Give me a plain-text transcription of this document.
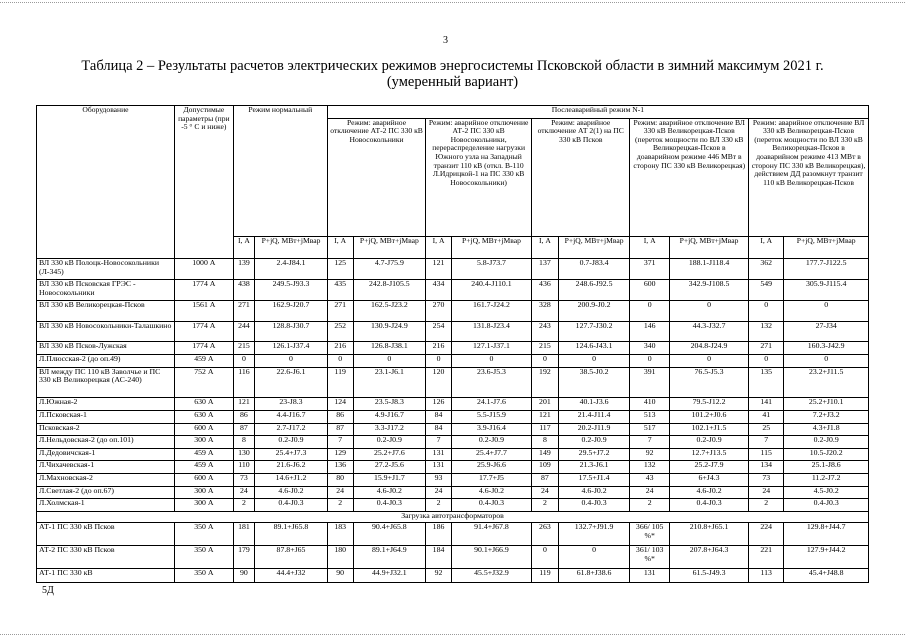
3
Таблица 2 – Результаты расчетов электрических режимов энергосистемы Псковской области в зимний максимум 2021 г.
(умеренный вариант)
Оборудование	Допустимые параметры (при -5 ° С и ниже)	Режим нормальный		Послеаварийный режим N-1									
				Режим: аварийное отключение АТ-2 ПС 330 кВ Новосокольники		Режим: аварийное отключение АТ-2 ПС 330 кВ Новосокольники, перераспределение нагрузки Южного узла на Западный транзит 110 кВ (откл. В-110 Л.Идрицкой-1 на ПС 330 кВ Новосокольники)		Режим: аварийное отключение АТ 2(1) на ПС 330 кВ Псков		Режим: аварийное отключение ВЛ 330 кВ Великорецкая-Псков (переток мощности по ВЛ 330 кВ Великорецкая-Псков в доаварийном режиме 446 МВт в сторону ПС 330 кВ Великорецкая)		Режим: аварийное отключение ВЛ 330 кВ Великорецкая-Псков (переток мощности по ВЛ 330 кВ Великорецкая-Псков в доаварийном режиме 413 МВт в сторону ПС 330 кВ Великорецкая), действием ДД разомкнут транзит 110 кВ Великорецкая-Псков	
		I, А	P+jQ, МВт+jМвар	I, А	P+jQ, МВт+jМвар	I, А	P+jQ, МВт+jМвар	I, А	P+jQ, МВт+jМвар	I, А	P+jQ, МВт+jМвар	I, А	P+jQ, МВт+jМвар
ВЛ 330 кВ Полоцк-Новосокольники (Л-345)	1000 А	139	2.4-J84.1	125	4.7-J75.9	121	5.8-J73.7	137	0.7-J83.4	371	188.1-J118.4	362	177.7-J122.5
ВЛ 330 кВ Псковская ГРЭС - Новосокольники	1774 А	438	249.5-J93.3	435	242.8-J105.5	434	240.4-J110.1	436	248.6-J92.5	600	342.9-J108.5	549	305.9-J115.4
ВЛ 330 кВ Великорецкая-Псков	1561 А	271	162.9-J20.7	271	162.5-J23.2	270	161.7-J24.2	328	200.9-J0.2	0	0	0	0
ВЛ 330 кВ Новосокольники-Талашкино	1774 А	244	128.8-J30.7	252	130.9-J24.9	254	131.8-J23.4	243	127.7-J30.2	146	44.3-J32.7	132	27-J34
ВЛ 330 кВ Псков-Лужская	1774 А	215	126.1-J37.4	216	126.8-J38.1	216	127.1-J37.1	215	124.6-J43.1	340	204.8-J24.9	271	160.3-J42.9
Л.Плюсская-2 (до оп.49)	459 А	0	0	0	0	0	0	0	0	0	0	0	0
ВЛ между ПС 110 кВ Заволчье и ПС 330 кВ Великорецкая (АС-240)	752 А	116	22.6-J6.1	119	23.1-J6.1	120	23.6-J5.3	192	38.5-J0.2	391	76.5-J5.3	135	23.2+J11.5
Л.Южная-2	630 А	121	23-J8.3	124	23.5-J8.3	126	24.1-J7.6	201	40.1-J3.6	410	79.5-J12.2	141	25.2+J10.1
Л.Псковская-1	630 А	86	4.4-J16.7	86	4.9-J16.7	84	5.5-J15.9	121	21.4-J11.4	513	101.2+J0.6	41	7.2+J3.2
Псковская-2	600 А	87	2.7-J17.2	87	3.3-J17.2	84	3.9-J16.4	117	20.2-J11.9	517	102.1+J1.5	25	4.3+J1.8
Л.Нельдовская-2 (до оп.101)	300 А	8	0.2-J0.9	7	0.2-J0.9	7	0.2-J0.9	8	0.2-J0.9	7	0.2-J0.9	7	0.2-J0.9
Л.Дедовичская-1	459 А	130	25.4+J7.3	129	25.2+J7.6	131	25.4+J7.7	149	29.5+J7.2	92	12.7+J13.5	115	10.5-J20.2
Л.Чихачевская-1	459 А	110	21.6-J6.2	136	27.2-J5.6	131	25.9-J6.6	109	21.3-J6.1	132	25.2-J7.9	134	25.1-J8.6
Л.Махновская-2	600 А	73	14.6+J1.2	80	15.9+J1.7	93	17.7+J5	87	17.5+J1.4	43	6+J4.3	73	11.2-J7.2
Л.Светлая-2 (до оп.67)	300 А	24	4.6-J0.2	24	4.6-J0.2	24	4.6-J0.2	24	4.6-J0.2	24	4.6-J0.2	24	4.5-J0.2
Л.Холмская-1	300 А	2	0.4-J0.3	2	0.4-J0.3	2	0.4-J0.3	2	0.4-J0.3	2	0.4-J0.3	2	0.4-J0.3
Загрузка автотрансформаторов													
АТ-1 ПС 330 кВ Псков	350 А	181	89.1+J65.8	183	90.4+J65.8	186	91.4+J67.8	263	132.7+J91.9	366/ 105 %*	210.8+J65.1	224	129.8+J44.7
АТ-2 ПС 330 кВ Псков	350 А	179	87.8+J65	180	89.1+J64.9	184	90.1+J66.9	0	0	361/ 103 %*	207.8+J64.3	221	127.9+J44.2
АТ-1 ПС 330 кВ	350 А	90	44.4+J32	90	44.9+J32.1	92	45.5+J32.9	119	61.8+J38.6	131	61.5-J49.3	113	45.4+J48.8
5Д
